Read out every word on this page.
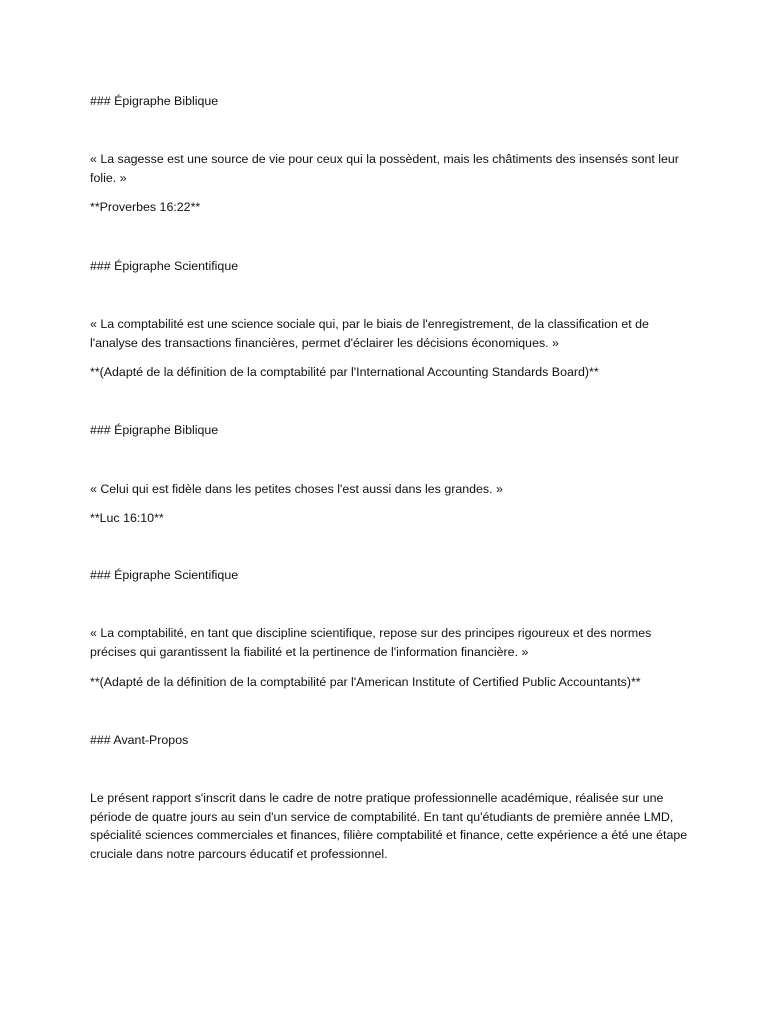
### Épigraphe Biblique

« La sagesse est une source de vie pour ceux qui la possèdent, mais les châtiments des insensés sont leur folie. »

**Proverbes 16:22**

### Épigraphe Scientifique

« La comptabilité est une science sociale qui, par le biais de l'enregistrement, de la classification et de l'analyse des transactions financières, permet d'éclairer les décisions économiques. »

**(Adapté de la définition de la comptabilité par l'International Accounting Standards Board)**

### Épigraphe Biblique

« Celui qui est fidèle dans les petites choses l'est aussi dans les grandes. »

**Luc 16:10**

### Épigraphe Scientifique

« La comptabilité, en tant que discipline scientifique, repose sur des principes rigoureux et des normes précises qui garantissent la fiabilité et la pertinence de l'information financière. »

**(Adapté de la définition de la comptabilité par l'American Institute of Certified Public Accountants)**

### Avant-Propos

Le présent rapport s'inscrit dans le cadre de notre pratique professionnelle académique, réalisée sur une période de quatre jours au sein d'un service de comptabilité. En tant qu'étudiants de première année LMD, spécialité sciences commerciales et finances, filière comptabilité et finance, cette expérience a été une étape cruciale dans notre parcours éducatif et professionnel.
